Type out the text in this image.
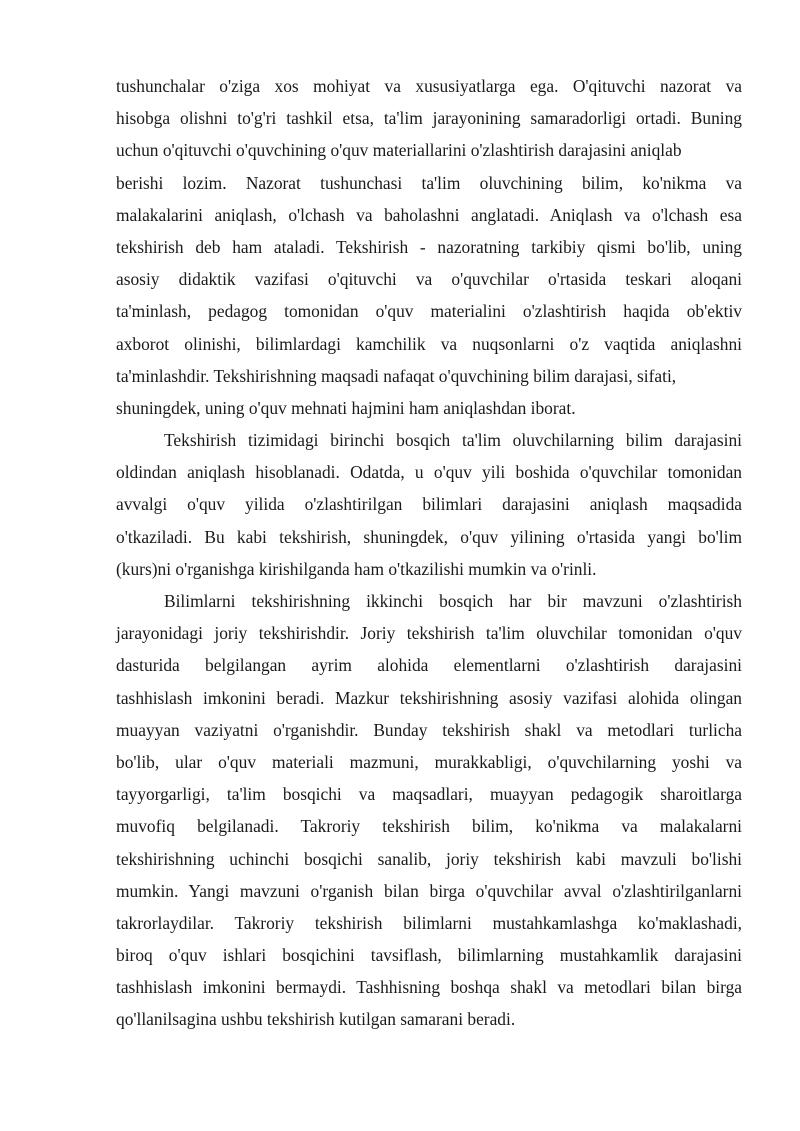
tushunchalar o'ziga xos mohiyat va xususiyatlarga ega. O'qituvchi nazorat va
hisobga olishni to'g'ri tashkil etsa, ta'lim jarayonining samaradorligi ortadi. Buning
uchun o'qituvchi o'quvchining o'quv materiallarini o'zlashtirish darajasini aniqlab
berishi lozim. Nazorat tushunchasi ta'lim oluvchining bilim, ko'nikma va
malakalarini aniqlash, o'lchash va baholashni anglatadi. Aniqlash va o'lchash esa
tekshirish deb ham ataladi. Tekshirish - nazoratning tarkibiy qismi bo'lib, uning
asosiy didaktik vazifasi o'qituvchi va o'quvchilar o'rtasida teskari aloqani
ta'minlash, pedagog tomonidan o'quv materialini o'zlashtirish haqida ob'ektiv
axborot olinishi, bilimlardagi kamchilik va nuqsonlarni o'z vaqtida aniqlashni
ta'minlashdir. Tekshirishning maqsadi nafaqat o'quvchining bilim darajasi, sifati,
shuningdek, uning o'quv mehnati hajmini ham aniqlashdan iborat.
Tekshirish tizimidagi birinchi bosqich ta'lim oluvchilarning bilim darajasini
oldindan aniqlash hisoblanadi. Odatda, u o'quv yili boshida o'quvchilar tomonidan
avvalgi o'quv yilida o'zlashtirilgan bilimlari darajasini aniqlash maqsadida
o'tkaziladi. Bu kabi tekshirish, shuningdek, o'quv yilining o'rtasida yangi bo'lim
(kurs)ni o'rganishga kirishilganda ham o'tkazilishi mumkin va o'rinli.
Bilimlarni tekshirishning ikkinchi bosqich har bir mavzuni o'zlashtirish
jarayonidagi joriy tekshirishdir. Joriy tekshirish ta'lim oluvchilar tomonidan o'quv
dasturida belgilangan ayrim alohida elementlarni o'zlashtirish darajasini
tashhislash imkonini beradi. Mazkur tekshirishning asosiy vazifasi alohida olingan
muayyan vaziyatni o'rganishdir. Bunday tekshirish shakl va metodlari turlicha
bo'lib, ular o'quv materiali mazmuni, murakkabligi, o'quvchilarning yoshi va
tayyorgarligi, ta'lim bosqichi va maqsadlari, muayyan pedagogik sharoitlarga
muvofiq belgilanadi. Takroriy tekshirish bilim, ko'nikma va malakalarni
tekshirishning uchinchi bosqichi sanalib, joriy tekshirish kabi mavzuli bo'lishi
mumkin. Yangi mavzuni o'rganish bilan birga o'quvchilar avval o'zlashtirilganlarni
takrorlaydilar. Takroriy tekshirish bilimlarni mustahkamlashga ko'maklashadi,
biroq o'quv ishlari bosqichini tavsiflash, bilimlarning mustahkamlik darajasini
tashhislash imkonini bermaydi. Tashhisning boshqa shakl va metodlari bilan birga
qo'llanilsagina ushbu tekshirish kutilgan samarani beradi.
